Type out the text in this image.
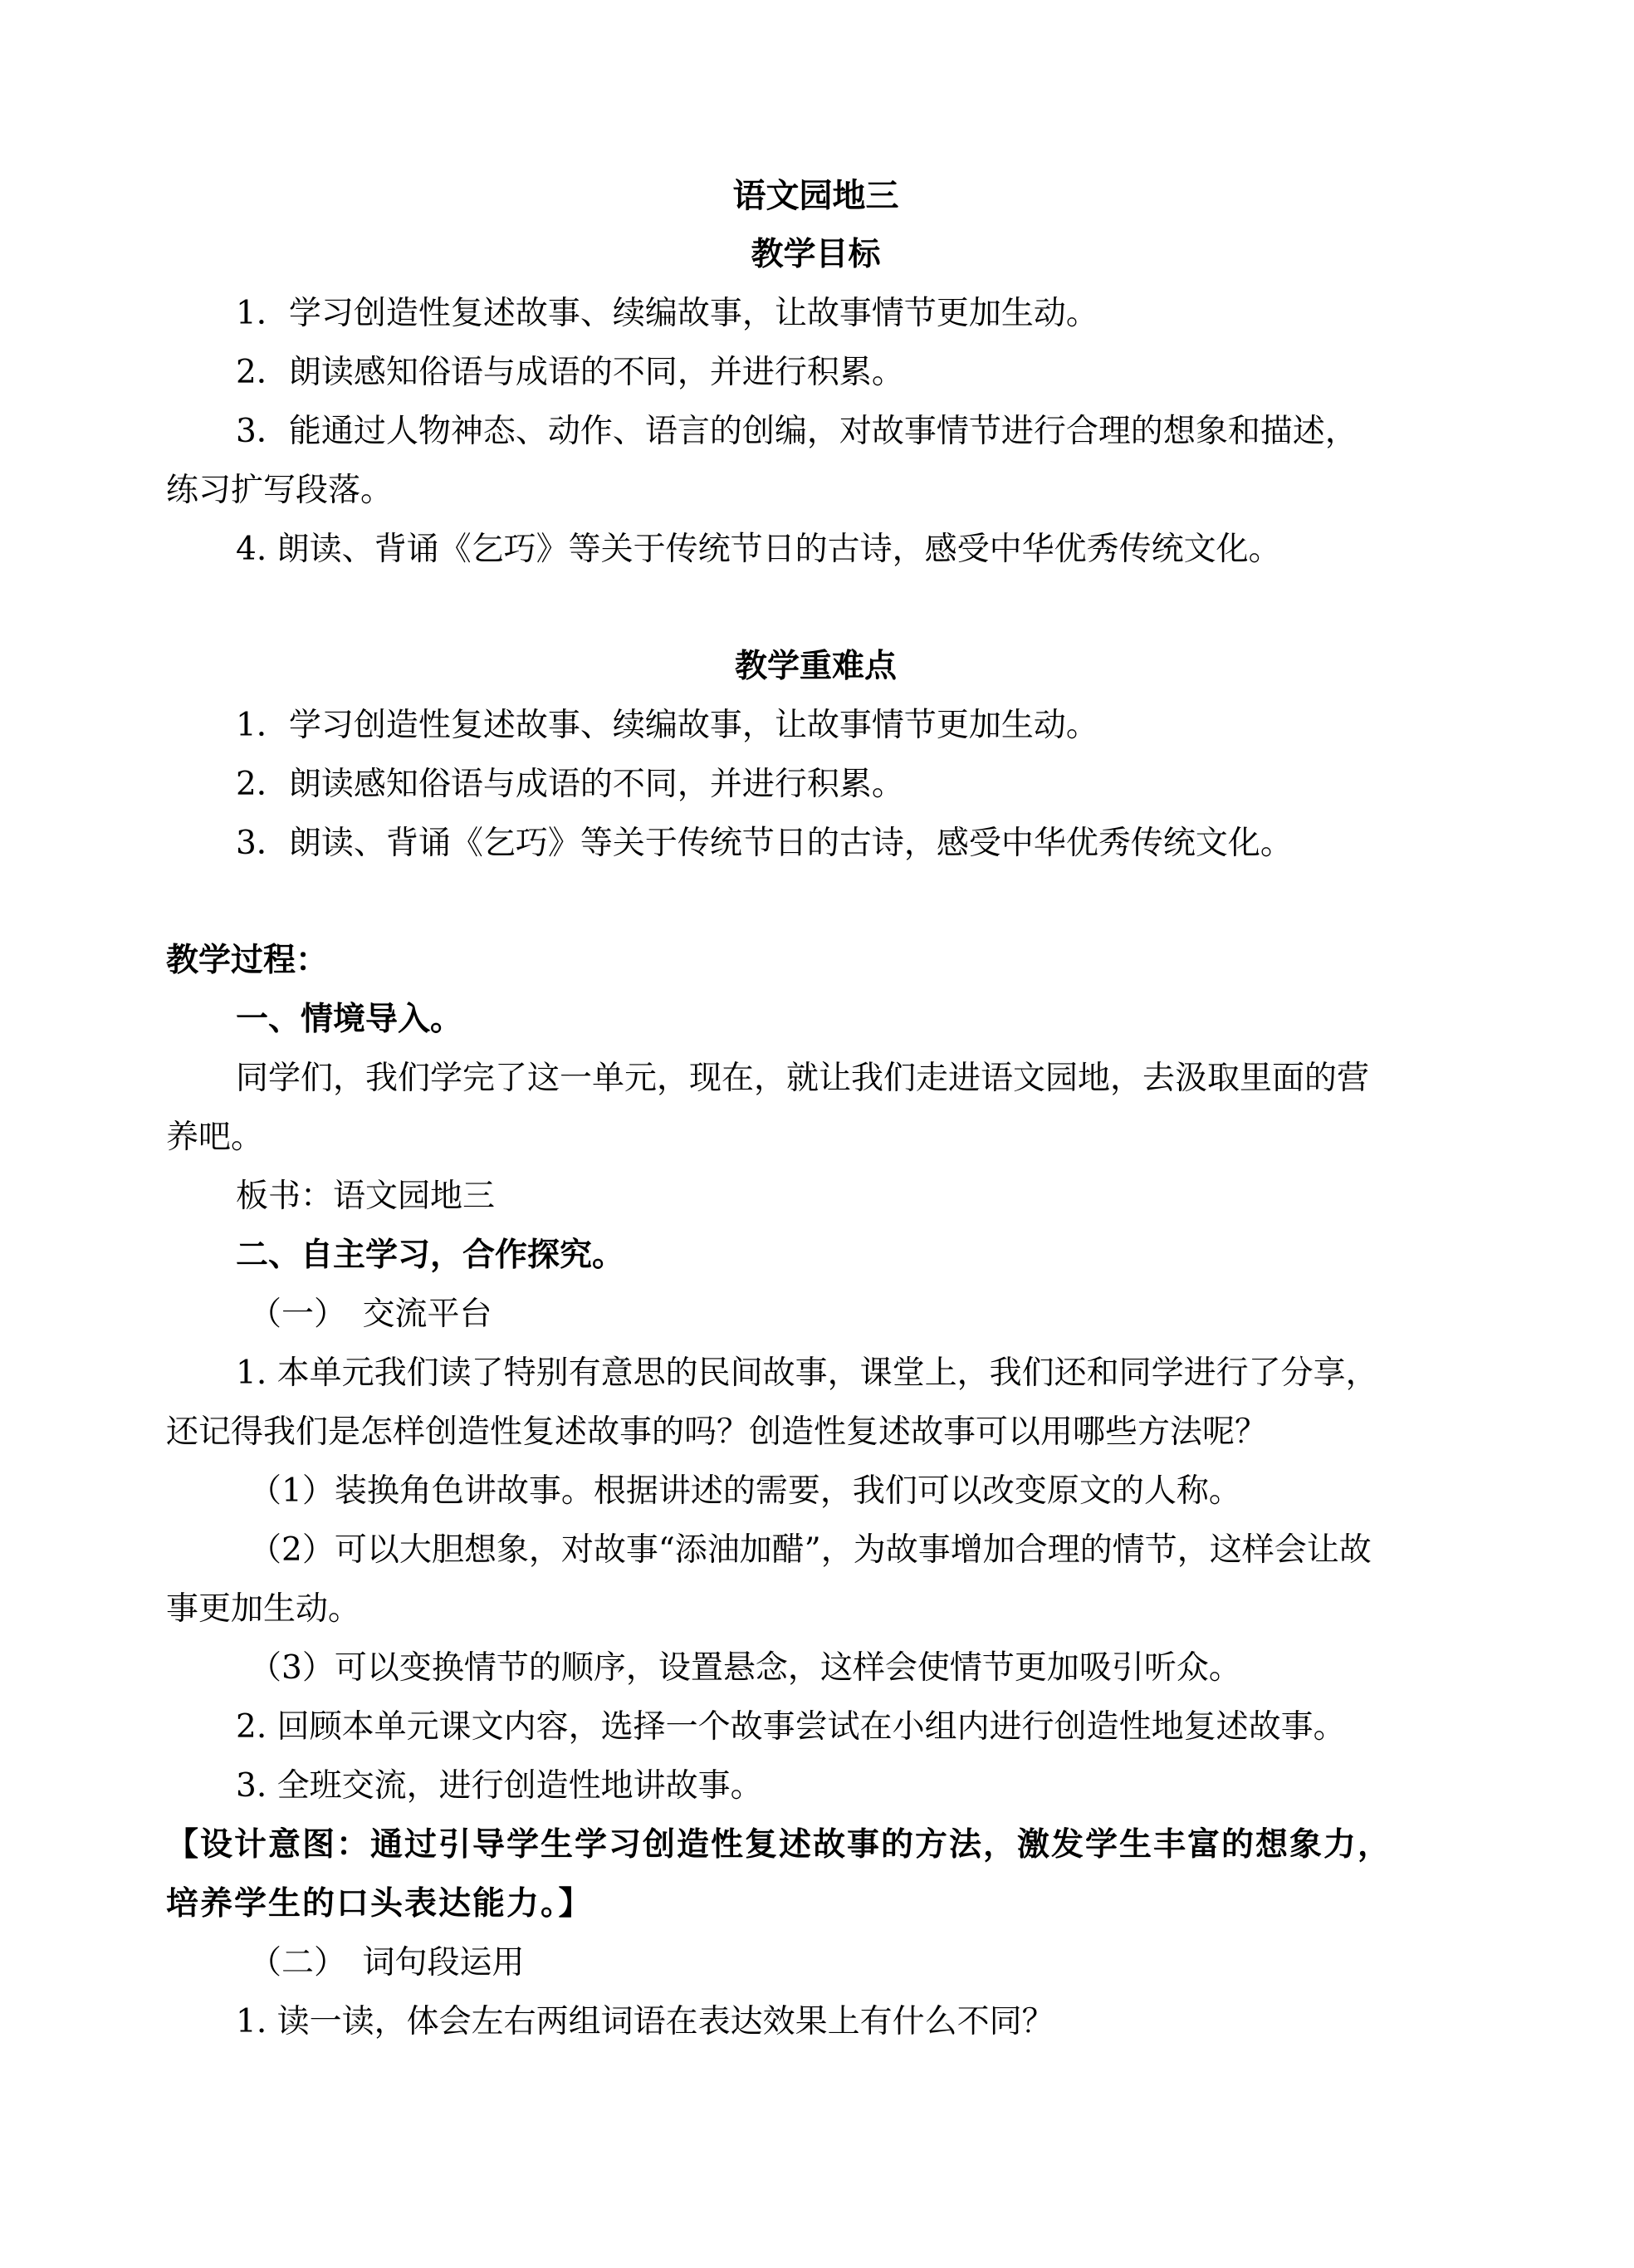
语文园地三

教学目标

1．学习创造性复述故事、续编故事，让故事情节更加生动。

2．朗读感知俗语与成语的不同，并进行积累。

3．能通过人物神态、动作、语言的创编，对故事情节进行合理的想象和描述，

练习扩写段落。

4. 朗读、背诵《乞巧》等关于传统节日的古诗，感受中华优秀传统文化。

教学重难点

1．学习创造性复述故事、续编故事，让故事情节更加生动。

2．朗读感知俗语与成语的不同，并进行积累。

3．朗读、背诵《乞巧》等关于传统节日的古诗，感受中华优秀传统文化。

教学过程：

一、情境导入。

同学们，我们学完了这一单元，现在，就让我们走进语文园地，去汲取里面的营

养吧。

板书：语文园地三

二、自主学习，合作探究。

（一）　交流平台

1. 本单元我们读了特别有意思的民间故事，课堂上，我们还和同学进行了分享，

还记得我们是怎样创造性复述故事的吗？创造性复述故事可以用哪些方法呢？

（1）装换角色讲故事。根据讲述的需要，我们可以改变原文的人称。

（2）可以大胆想象，对故事“添油加醋”，为故事增加合理的情节，这样会让故

事更加生动。

（3）可以变换情节的顺序，设置悬念，这样会使情节更加吸引听众。

2. 回顾本单元课文内容，选择一个故事尝试在小组内进行创造性地复述故事。

3. 全班交流，进行创造性地讲故事。

【设计意图：通过引导学生学习创造性复述故事的方法，激发学生丰富的想象力，

培养学生的口头表达能力。】

（二）　词句段运用

1. 读一读，体会左右两组词语在表达效果上有什么不同？
